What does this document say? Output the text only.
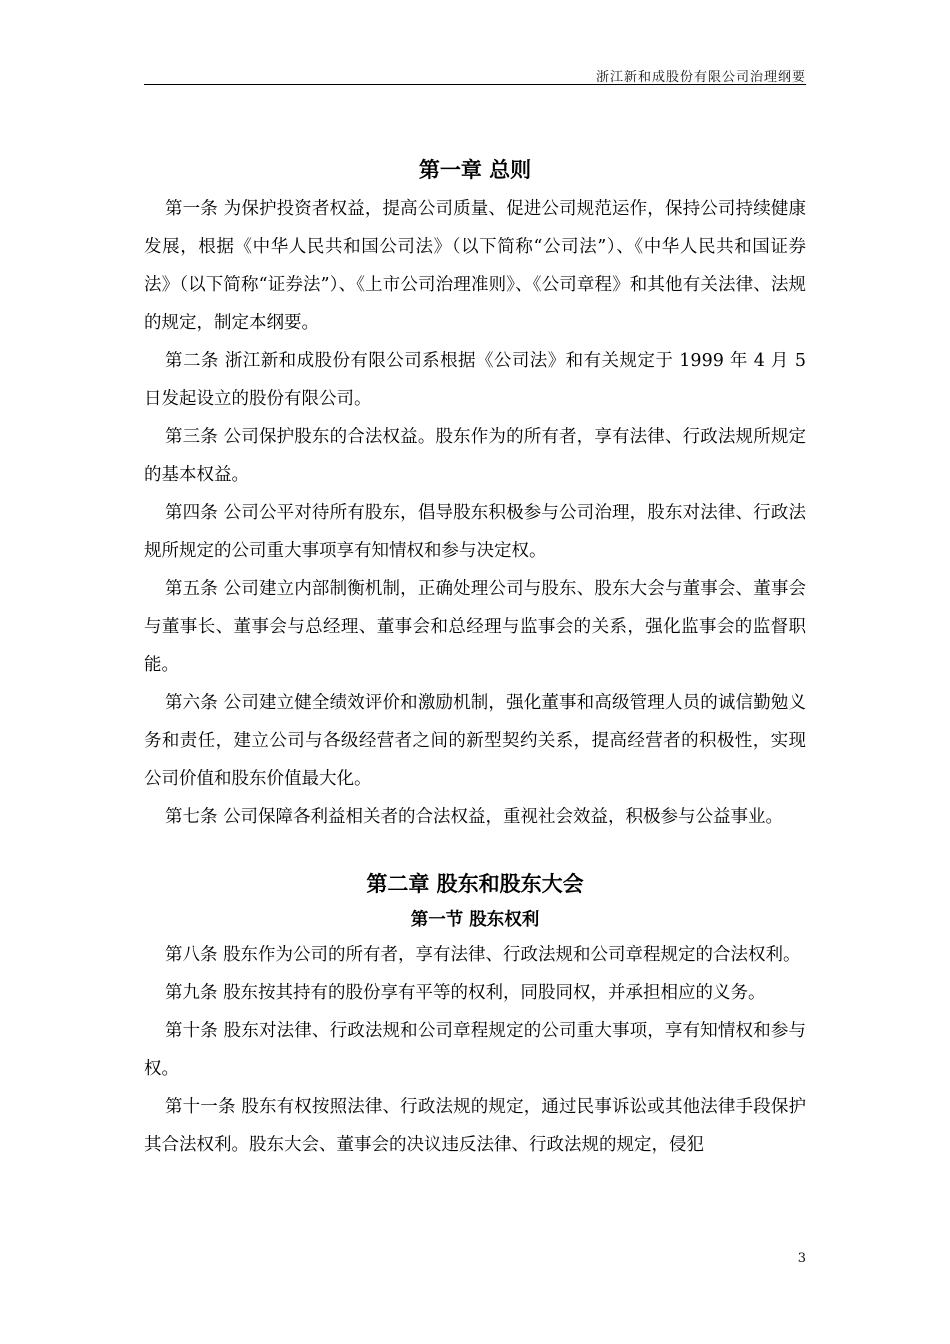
浙江新和成股份有限公司治理纲要
第一章 总则
第一条 为保护投资者权益，提高公司质量、促进公司规范运作，保持公司持续健康发展，根据《中华人民共和国公司法》（以下简称“公司法”）、《中华人民共和国证券法》（以下简称“证券法”）、《上市公司治理准则》、《公司章程》和其他有关法律、法规的规定，制定本纲要。
第二条 浙江新和成股份有限公司系根据《公司法》和有关规定于 1999 年 4 月 5 日发起设立的股份有限公司。
第三条 公司保护股东的合法权益。股东作为的所有者，享有法律、行政法规所规定的基本权益。
第四条 公司公平对待所有股东，倡导股东积极参与公司治理，股东对法律、行政法规所规定的公司重大事项享有知情权和参与决定权。
第五条 公司建立内部制衡机制，正确处理公司与股东、股东大会与董事会、董事会与董事长、董事会与总经理、董事会和总经理与监事会的关系，强化监事会的监督职能。
第六条 公司建立健全绩效评价和激励机制，强化董事和高级管理人员的诚信勤勉义务和责任，建立公司与各级经营者之间的新型契约关系，提高经营者的积极性，实现公司价值和股东价值最大化。
第七条 公司保障各利益相关者的合法权益，重视社会效益，积极参与公益事业。
第二章 股东和股东大会
第一节 股东权利
第八条 股东作为公司的所有者，享有法律、行政法规和公司章程规定的合法权利。
第九条 股东按其持有的股份享有平等的权利，同股同权，并承担相应的义务。
第十条 股东对法律、行政法规和公司章程规定的公司重大事项，享有知情权和参与权。
第十一条 股东有权按照法律、行政法规的规定，通过民事诉讼或其他法律手段保护其合法权利。股东大会、董事会的决议违反法律、行政法规的规定，侵犯
3
